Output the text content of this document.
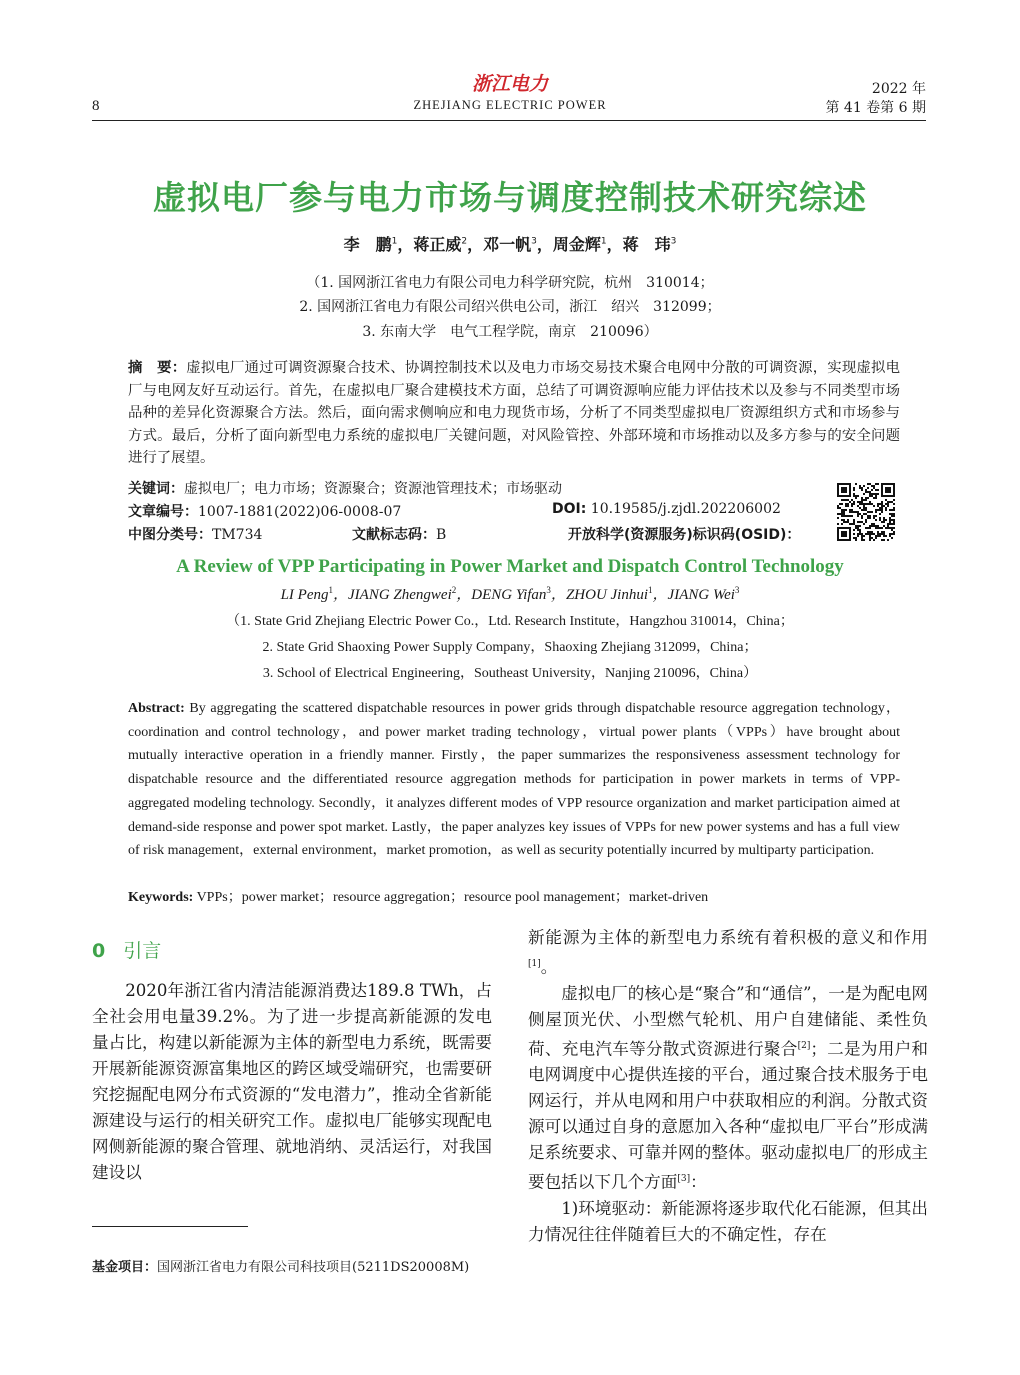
8
浙江电力
ZHEJIANG ELECTRIC POWER
2022 年
第 41 卷第 6 期
虚拟电厂参与电力市场与调度控制技术研究综述
李　鹏$^1$，蒋正威$^2$，邓一帆$^3$，周金辉$^1$，蒋　玮$^3$
（1. 国网浙江省电力有限公司电力科学研究院，杭州　310014；
2. 国网浙江省电力有限公司绍兴供电公司，浙江　绍兴　312099；
3. 东南大学　电气工程学院，南京　210096）
摘　要：虚拟电厂通过可调资源聚合技术、协调控制技术以及电力市场交易技术聚合电网中分散的可调资源，实现虚拟电厂与电网友好互动运行。首先，在虚拟电厂聚合建模技术方面，总结了可调资源响应能力评估技术以及参与不同类型市场品种的差异化资源聚合方法。然后，面向需求侧响应和电力现货市场，分析了不同类型虚拟电厂资源组织方式和市场参与方式。最后，分析了面向新型电力系统的虚拟电厂关键问题，对风险管控、外部环境和市场推动以及多方参与的安全问题进行了展望。
关键词：虚拟电厂；电力市场；资源聚合；资源池管理技术；市场驱动
文章编号：1007-1881(2022)06-0008-07	DOI: 10.19585/j.zjdl.202206002
中图分类号：TM734	文献标志码：B	开放科学(资源服务)标识码(OSID)：
A Review of VPP Participating in Power Market and Dispatch Control Technology
LI Peng$^1$，JIANG Zhengwei$^2$，DENG Yifan$^3$，ZHOU Jinhui$^1$，JIANG Wei$^3$
（1. State Grid Zhejiang Electric Power Co.，Ltd. Research Institute，Hangzhou 310014，China；
2. State Grid Shaoxing Power Supply Company，Shaoxing Zhejiang 312099，China；
3. School of Electrical Engineering，Southeast University，Nanjing 210096，China）
Abstract: By aggregating the scattered dispatchable resources in power grids through dispatchable resource aggregation technology，coordination and control technology，and power market trading technology，virtual power plants（VPPs）have brought about mutually interactive operation in a friendly manner. Firstly，the paper summarizes the responsiveness assessment technology for dispatchable resource and the differentiated resource aggregation methods for participation in power markets in terms of VPP- aggregated modeling technology. Secondly，it analyzes different modes of VPP resource organization and market participation aimed at demand-side response and power spot market. Lastly，the paper analyzes key issues of VPPs for new power systems and has a full view of risk management，external environment，market promotion，as well as security potentially incurred by multiparty participation.
Keywords: VPPs；power market；resource aggregation；resource pool management；market-driven
0 引言

2020年浙江省内清洁能源消费达189.8 TWh，占全社会用电量39.2%。为了进一步提高新能源的发电量占比，构建以新能源为主体的新型电力系统，既需要开展新能源资源富集地区的跨区域受端研究，也需要研究挖掘配电网分布式资源的“发电潜力”，推动全省新能源建设与运行的相关研究工作。虚拟电厂能够实现配电网侧新能源的聚合管理、就地消纳、灵活运行，对我国建设以

新能源为主体的新型电力系统有着积极的意义和作用[1]。

虚拟电厂的核心是“聚合”和“通信”，一是为配电网侧屋顶光伏、小型燃气轮机、用户自建储能、柔性负荷、充电汽车等分散式资源进行聚合[2]；二是为用户和电网调度中心提供连接的平台，通过聚合技术服务于电网运行，并从电网和用户中获取相应的利润。分散式资源可以通过自身的意愿加入各种“虚拟电厂平台”形成满足系统要求、可靠并网的整体。驱动虚拟电厂的形成主要包括以下几个方面[3]：

1)环境驱动：新能源将逐步取代化石能源，但其出力情况往往伴随着巨大的不确定性，存在

基金项目：国网浙江省电力有限公司科技项目(5211DS20008M)
